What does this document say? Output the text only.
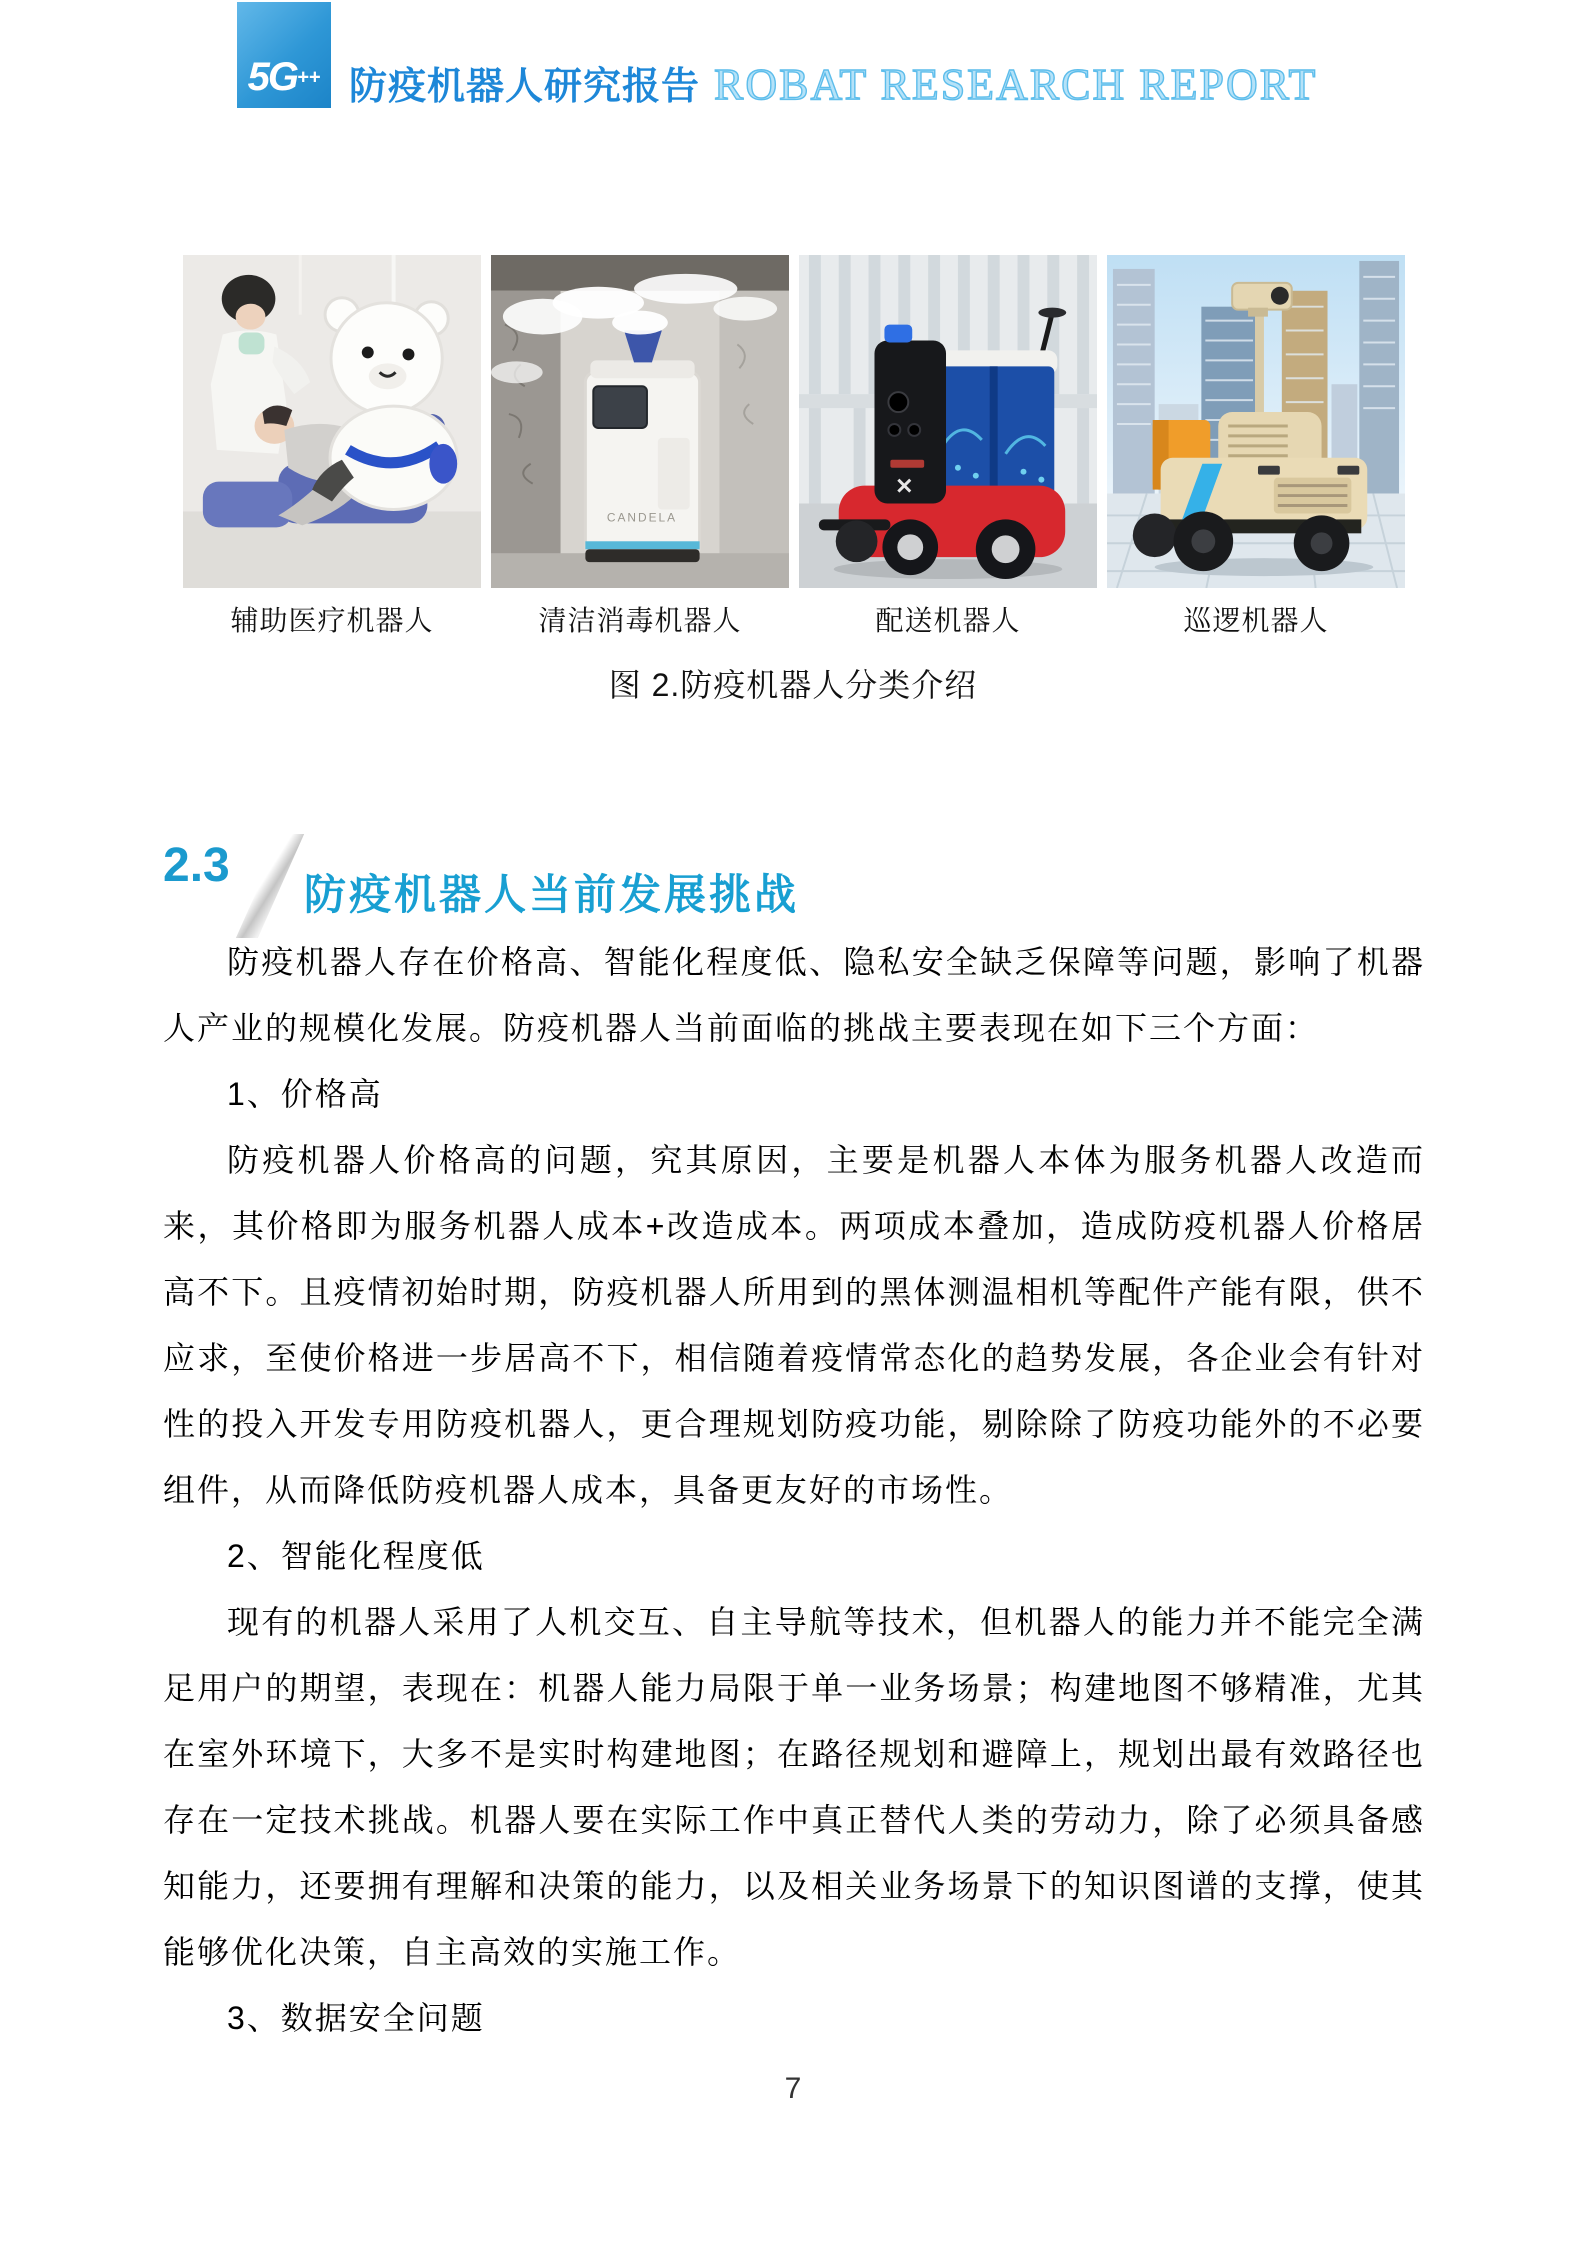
5G++ 防疫机器人研究报告 ROBAT RESEARCH REPORT
辅助医疗机器人
CANDELA
清洁消毒机器人	配送机器人	巡逻机器人
图 2.防疫机器人分类介绍
2.3
防疫机器人当前发展挑战

防疫机器人存在价格高、智能化程度低、隐私安全缺乏保障等问题，影响了机器人产业的规模化发展。防疫机器人当前面临的挑战主要表现在如下三个方面：

1、价格高

防疫机器人价格高的问题，究其原因，主要是机器人本体为服务机器人改造而来，其价格即为服务机器人成本+改造成本。两项成本叠加，造成防疫机器人价格居高不下。且疫情初始时期，防疫机器人所用到的黑体测温相机等配件产能有限，供不应求，至使价格进一步居高不下，相信随着疫情常态化的趋势发展，各企业会有针对性的投入开发专用防疫机器人，更合理规划防疫功能，剔除除了防疫功能外的不必要组件，从而降低防疫机器人成本，具备更友好的市场性。

2、智能化程度低

现有的机器人采用了人机交互、自主导航等技术，但机器人的能力并不能完全满足用户的期望，表现在：机器人能力局限于单一业务场景；构建地图不够精准，尤其在室外环境下，大多不是实时构建地图；在路径规划和避障上，规划出最有效路径也存在一定技术挑战。机器人要在实际工作中真正替代人类的劳动力，除了必须具备感知能力，还要拥有理解和决策的能力，以及相关业务场景下的知识图谱的支撑，使其能够优化决策，自主高效的实施工作。

3、数据安全问题

7
